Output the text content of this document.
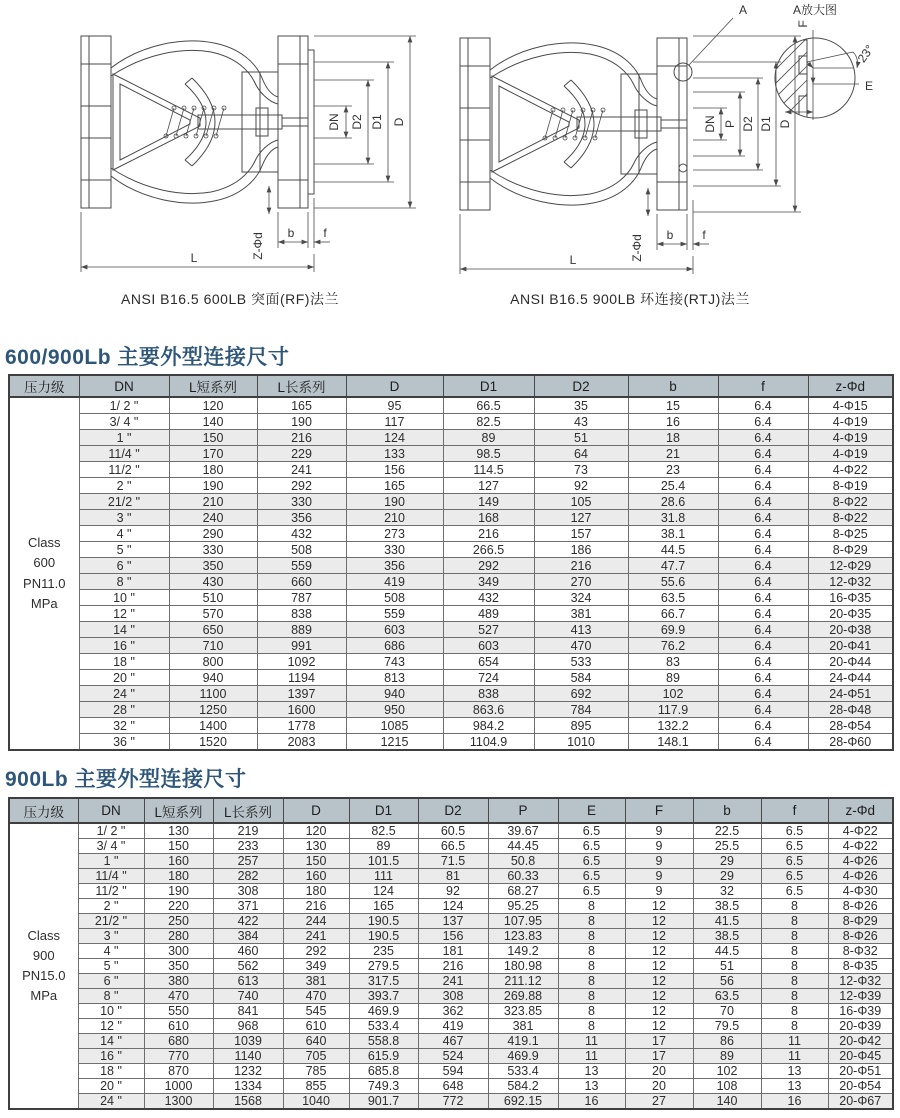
DN D2 D1 D
Z-Φd b f
L
DN P D2 D1 D
Z-Φd b f
L
A	A放大图
F
23°
E
ANSI B16.5 600LB 突面(RF)法兰	ANSI B16.5 900LB 环连接(RTJ)法兰
600/900Lb 主要外型连接尺寸
压力级	DN	L短系列	L长系列	D	D1	D2	b	f	z-Φd

Class
600
PN11.0
MPa	1/ 2 "	120	165	95	66.5	35	15	6.4	4-Φ15
	3/ 4 "	140	190	117	82.5	43	16	6.4	4-Φ19
	1 "	150	216	124	89	51	18	6.4	4-Φ19
	11/4 "	170	229	133	98.5	64	21	6.4	4-Φ19
	11/2 "	180	241	156	114.5	73	23	6.4	4-Φ22
	2 "	190	292	165	127	92	25.4	6.4	8-Φ19
	21/2 "	210	330	190	149	105	28.6	6.4	8-Φ22
	3 "	240	356	210	168	127	31.8	6.4	8-Φ22
	4 "	290	432	273	216	157	38.1	6.4	8-Φ25
	5 "	330	508	330	266.5	186	44.5	6.4	8-Φ29
	6 "	350	559	356	292	216	47.7	6.4	12-Φ29
	8 "	430	660	419	349	270	55.6	6.4	12-Φ32
	10 "	510	787	508	432	324	63.5	6.4	16-Φ35
	12 "	570	838	559	489	381	66.7	6.4	20-Φ35
	14 "	650	889	603	527	413	69.9	6.4	20-Φ38
	16 "	710	991	686	603	470	76.2	6.4	20-Φ41
	18 "	800	1092	743	654	533	83	6.4	20-Φ44
	20 "	940	1194	813	724	584	89	6.4	24-Φ44
	24 "	1100	1397	940	838	692	102	6.4	24-Φ51
	28 "	1250	1600	950	863.6	784	117.9	6.4	28-Φ48
	32 "	1400	1778	1085	984.2	895	132.2	6.4	28-Φ54
	36 "	1520	2083	1215	1104.9	1010	148.1	6.4	28-Φ60
900Lb 主要外型连接尺寸
压力级	DN	L短系列	L长系列	D	D1	D2	P	E	F	b	f	z-Φd

Class
900
PN15.0
MPa	1/ 2 "	130	219	120	82.5	60.5	39.67	6.5	9	22.5	6.5	4-Φ22
	3/ 4 "	150	233	130	89	66.5	44.45	6.5	9	25.5	6.5	4-Φ22
	1 "	160	257	150	101.5	71.5	50.8	6.5	9	29	6.5	4-Φ26
	11/4 "	180	282	160	111	81	60.33	6.5	9	29	6.5	4-Φ26
	11/2 "	190	308	180	124	92	68.27	6.5	9	32	6.5	4-Φ30
	2 "	220	371	216	165	124	95.25	8	12	38.5	8	8-Φ26
	21/2 "	250	422	244	190.5	137	107.95	8	12	41.5	8	8-Φ29
	3 "	280	384	241	190.5	156	123.83	8	12	38.5	8	8-Φ26
	4 "	300	460	292	235	181	149.2	8	12	44.5	8	8-Φ32
	5 "	350	562	349	279.5	216	180.98	8	12	51	8	8-Φ35
	6 "	380	613	381	317.5	241	211.12	8	12	56	8	12-Φ32
	8 "	470	740	470	393.7	308	269.88	8	12	63.5	8	12-Φ39
	10 "	550	841	545	469.9	362	323.85	8	12	70	8	16-Φ39
	12 "	610	968	610	533.4	419	381	8	12	79.5	8	20-Φ39
	14 "	680	1039	640	558.8	467	419.1	11	17	86	11	20-Φ42
	16 "	770	1140	705	615.9	524	469.9	11	17	89	11	20-Φ45
	18 "	870	1232	785	685.8	594	533.4	13	20	102	13	20-Φ51
	20 "	1000	1334	855	749.3	648	584.2	13	20	108	13	20-Φ54
	24 "	1300	1568	1040	901.7	772	692.15	16	27	140	16	20-Φ67
